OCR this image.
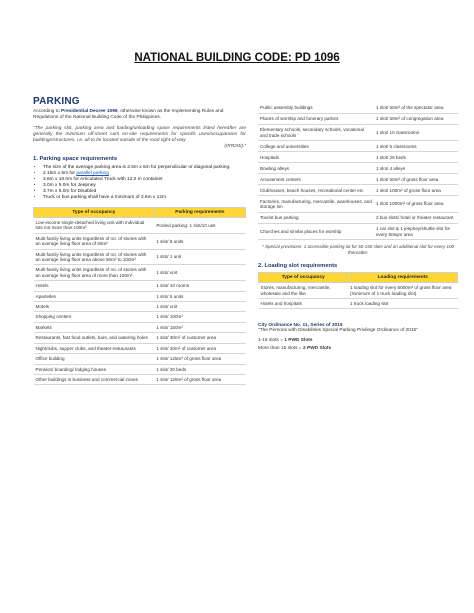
NATIONAL BUILDING CODE: PD 1096
PARKING
According to Presidential Decree 1096, otherwise known as the Implementing Rules and Regulations of the National Building Code of the Philippines.
"The parking slot, parking area and loading/unloading space requirements listed hereafter are generally the minimum off-street cum on-site requirements for specific uses/occupancies for buildings/structures, i.e. all to be located outside of the road right-of-way
(IRR2W)."
1. Parking space requirements
• The size of the average parking area is 2.5m x 5m for perpendicular or diagonal parking.
• 2.15m x 6m for parallel parking
• 3.6m x 18.0m for Articulated Truck with 12.0 m container
• 3.0m x 9.0m for Jeepney
• 3.7m x 5.0m for Disabled
• Truck or bus parking shall have a minimum of 3.6m x 12m.
Type of occupancy	Parking requirements
Low-income single-detached living unit with individual lots not more than 100m²	Pooled parking: 1 slot/10 unit
Multi-family living units regardless of no. of stories with an average living floor area of 50m²	1 slot/ 8 units
Multi-family living units regardless of no. of stories with an average living floor area above 50m² to 100m²	1 slot/ 1 unit
Multi-family living units regardless of no. of stories with an average living floor area of more than 100m²	1 slot/ unit
Hotels	1 slot/ 10 rooms
Apartelles	1 slot/ 5 units
Motels	1 slot/ unit
Shopping centers	1 slot/ 100m²
Markets	1 slot/ 150m²
Restaurants, fast food outlets, bars, and watering holes	1 slot/ 30m² of customer area
Nightclubs, supper clubs, and theater-restaurants	1 slot/ 20m² of customer area
Office building	1 slot/ 125m² of gross floor area
Pension/ boarding/ lodging houses	1 slot/ 20 beds
Other buildings in business and commercial zones	1 slot/ 125m² of gross floor area
Public assembly buildings	1 slot/ 50m² of the spectator area
Places of worship and funerary parlors	1 slot/ 50m² of congregation area
Elementary schools, secondary schools, vocational and trade schools	1 slot/ 10 classrooms
College and universities	1 slot/ 5 classrooms
Hospitals	1 slot/ 25 beds
Bowling alleys	1 slot/ 4 alleys
Amusement centers	1 slot/ 50m² of gross floor area
Clubhouses, beach houses, recreational center etc	1 slot/ 100m² of gross floor area
Factories, manufacturing, mercantile, warehouses, and storage lon	1 slot/ 1000m² of gross floor area
Tourist bus parking	2 bus slots/ hotel or theater restaurant
Churches and similar places for worship	1 car slot & 1 jeepney/shuttle slot for every 50sqm area
* Special provisions: 1 accessible parking lot for 50-150 slots and an additional slot for every 100 thereafter.
2. Loading slot requirements
Type of occupancy	Loading requirements
Stores, manufacturing, mercantile, wholesale and the like	1 loading slot for every 5000m² of gross floor area (minimum of 1 truck loading slot)
Hotels and hospitals	1 truck loading slot
City Ordinance No. 11, Series of 2015
"The Persons with Disabilities Special Parking Privilege Ordinance of 2015"
1-15 slots = 1 PWD Slots
More than 15 slots = 2 PWD Slots
